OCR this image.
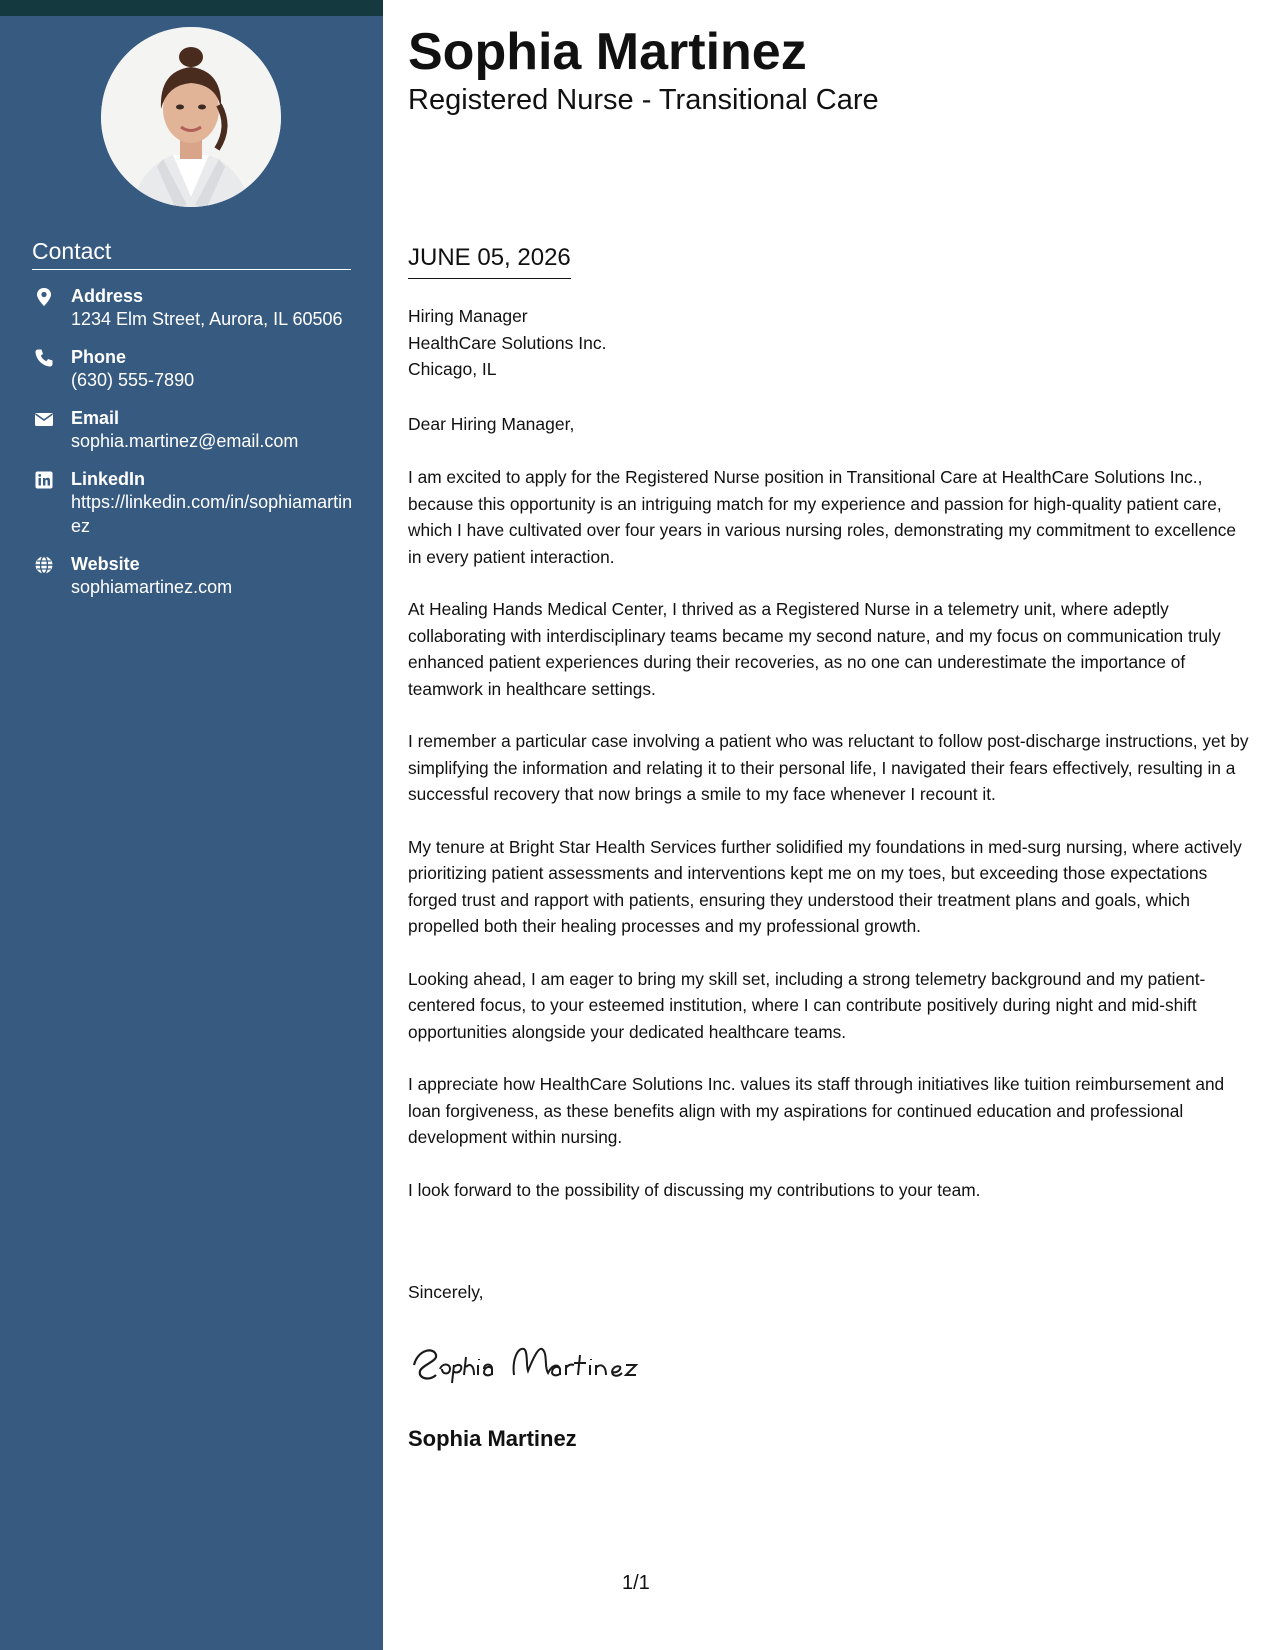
Contact
Address
1234 Elm Street, Aurora, IL 60506
Phone
(630) 555-7890
Email
sophia.martinez@email.com
LinkedIn
https://linkedin.com/in/sophiamartinez
Website
sophiamartinez.com
Sophia Martinez
Registered Nurse - Transitional Care
JUNE 05, 2026
Hiring Manager
HealthCare Solutions Inc.
Chicago, IL
Dear Hiring Manager,

I am excited to apply for the Registered Nurse position in Transitional Care at HealthCare Solutions Inc., because this opportunity is an intriguing match for my experience and passion for high-quality patient care, which I have cultivated over four years in various nursing roles, demonstrating my commitment to excellence in every patient interaction.

At Healing Hands Medical Center, I thrived as a Registered Nurse in a telemetry unit, where adeptly collaborating with interdisciplinary teams became my second nature, and my focus on communication truly enhanced patient experiences during their recoveries, as no one can underestimate the importance of teamwork in healthcare settings.

I remember a particular case involving a patient who was reluctant to follow post-discharge instructions, yet by simplifying the information and relating it to their personal life, I navigated their fears effectively, resulting in a successful recovery that now brings a smile to my face whenever I recount it.

My tenure at Bright Star Health Services further solidified my foundations in med-surg nursing, where actively prioritizing patient assessments and interventions kept me on my toes, but exceeding those expectations forged trust and rapport with patients, ensuring they understood their treatment plans and goals, which propelled both their healing processes and my professional growth.

Looking ahead, I am eager to bring my skill set, including a strong telemetry background and my patient-centered focus, to your esteemed institution, where I can contribute positively during night and mid-shift opportunities alongside your dedicated healthcare teams.

I appreciate how HealthCare Solutions Inc. values its staff through initiatives like tuition reimbursement and loan forgiveness, as these benefits align with my aspirations for continued education and professional development within nursing.

I look forward to the possibility of discussing my contributions to your team.

Sincerely,
Sophia Martinez
1/1
